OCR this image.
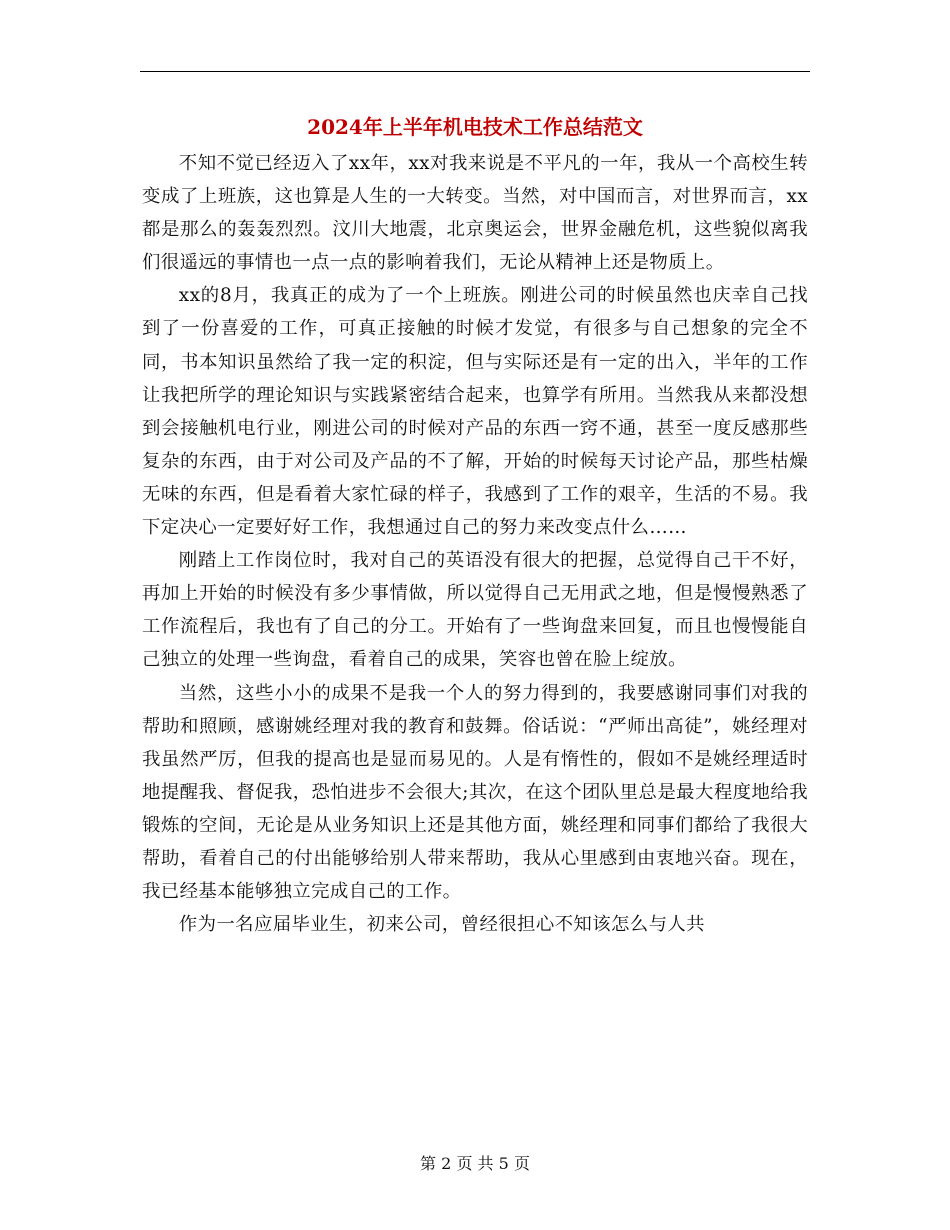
2024年上半年机电技术工作总结范文

不知不觉已经迈入了xx年，xx对我来说是不平凡的一年，我从一个高校生转变成了上班族，这也算是人生的一大转变。当然，对中国而言，对世界而言，xx都是那么的轰轰烈烈。汶川大地震，北京奥运会，世界金融危机，这些貌似离我们很遥远的事情也一点一点的影响着我们，无论从精神上还是物质上。

xx的8月，我真正的成为了一个上班族。刚进公司的时候虽然也庆幸自己找到了一份喜爱的工作，可真正接触的时候才发觉，有很多与自己想象的完全不同，书本知识虽然给了我一定的积淀，但与实际还是有一定的出入，半年的工作让我把所学的理论知识与实践紧密结合起来，也算学有所用。当然我从来都没想到会接触机电行业，刚进公司的时候对产品的东西一窍不通，甚至一度反感那些复杂的东西，由于对公司及产品的不了解，开始的时候每天讨论产品，那些枯燥无味的东西，但是看着大家忙碌的样子，我感到了工作的艰辛，生活的不易。我下定决心一定要好好工作，我想通过自己的努力来改变点什么……

刚踏上工作岗位时，我对自己的英语没有很大的把握，总觉得自己干不好，再加上开始的时候没有多少事情做，所以觉得自己无用武之地，但是慢慢熟悉了工作流程后，我也有了自己的分工。开始有了一些询盘来回复，而且也慢慢能自己独立的处理一些询盘，看着自己的成果，笑容也曾在脸上绽放。

当然，这些小小的成果不是我一个人的努力得到的，我要感谢同事们对我的帮助和照顾，感谢姚经理对我的教育和鼓舞。俗话说：“严师出高徒”，姚经理对我虽然严厉，但我的提高也是显而易见的。人是有惰性的，假如不是姚经理适时地提醒我、督促我，恐怕进步不会很大;其次，在这个团队里总是最大程度地给我锻炼的空间，无论是从业务知识上还是其他方面，姚经理和同事们都给了我很大帮助，看着自己的付出能够给别人带来帮助，我从心里感到由衷地兴奋。现在，我已经基本能够独立完成自己的工作。

作为一名应届毕业生，初来公司，曾经很担心不知该怎么与人共

第 2 页 共 5 页
